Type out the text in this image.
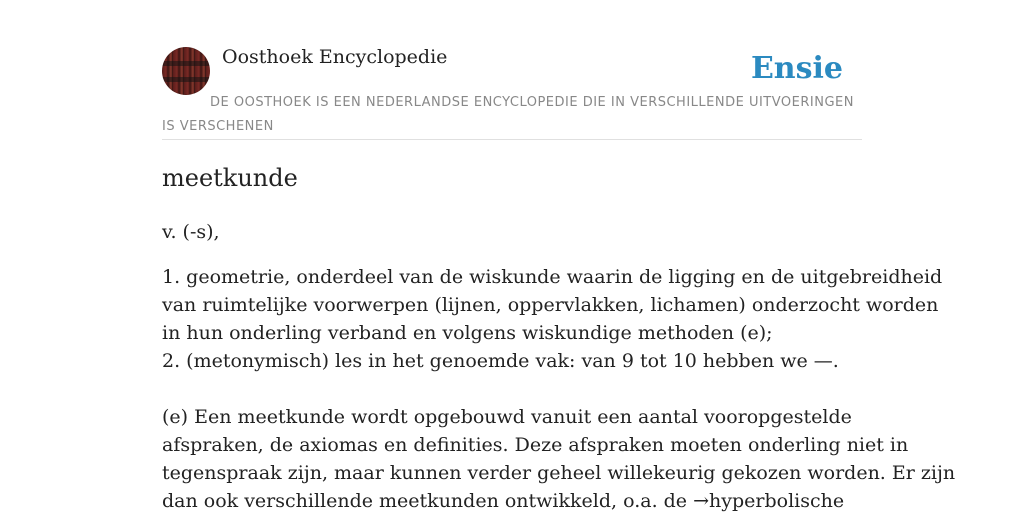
Oosthoek Encyclopedie	Ensie
DE OOSTHOEK IS EEN NEDERLANDSE ENCYCLOPEDIE DIE IN VERSCHILLENDE UITVOERINGEN IS VERSCHENEN
meetkunde

v. (-s),

1. geometrie, onderdeel van de wiskunde waarin de ligging en de uitgebreidheid
van ruimtelijke voorwerpen (lijnen, oppervlakken, lichamen) onderzocht worden
in hun onderling verband en volgens wiskundige methoden (e);
2. (metonymisch) les in het genoemde vak: van 9 tot 10 hebben we —.
(e) Een meetkunde wordt opgebouwd vanuit een aantal vooropgestelde
afspraken, de axiomas en definities. Deze afspraken moeten onderling niet in
tegenspraak zijn, maar kunnen verder geheel willekeurig gekozen worden. Er zijn
dan ook verschillende meetkunden ontwikkeld, o.a. de →hyperbolische
